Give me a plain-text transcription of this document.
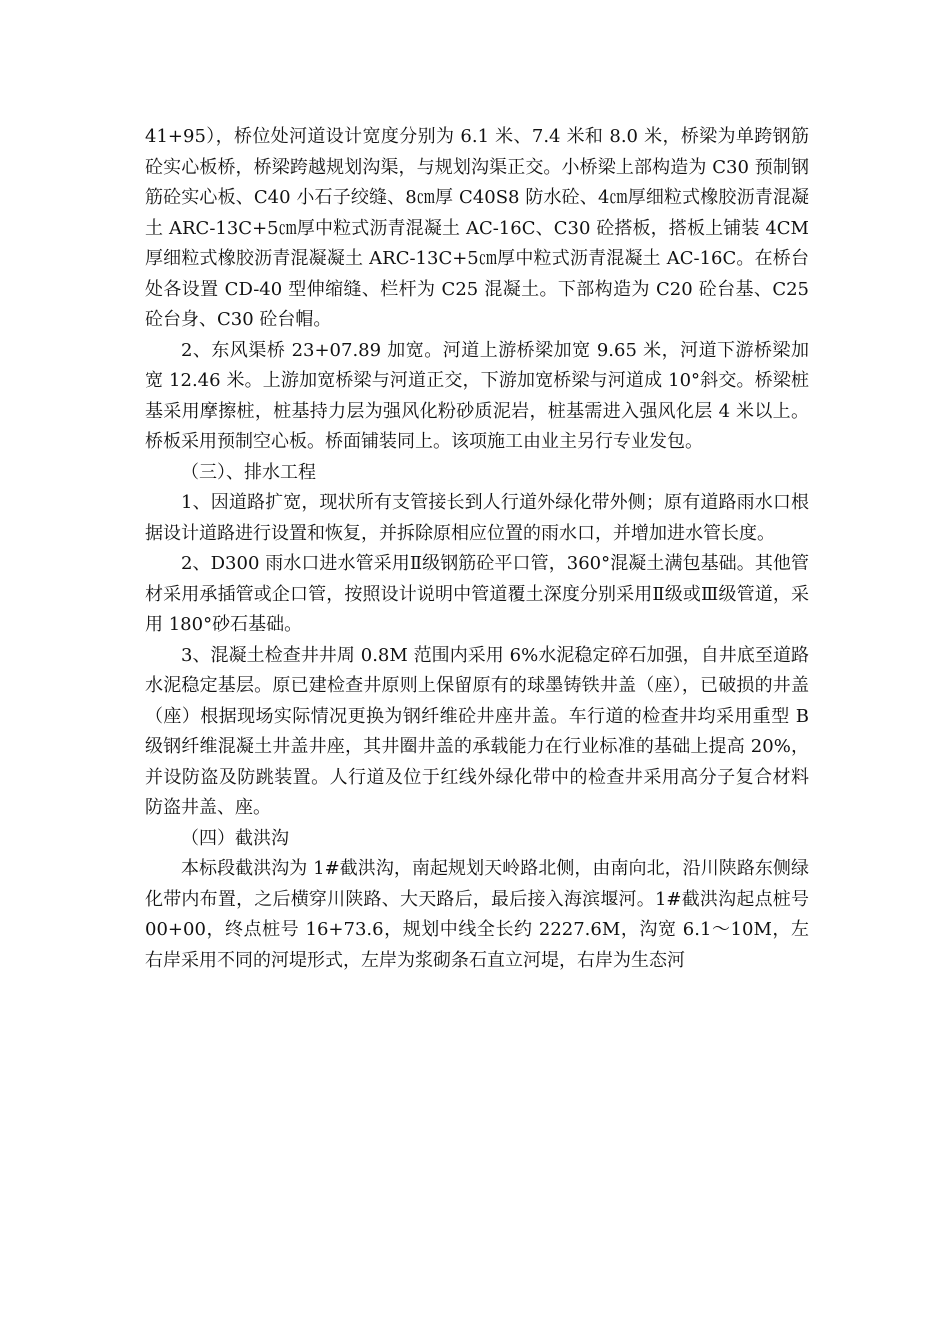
41+95），桥位处河道设计宽度分别为 6.1 米、7.4 米和 8.0 米，桥梁为单跨钢筋砼实心板桥，桥梁跨越规划沟渠，与规划沟渠正交。小桥梁上部构造为 C30 预制钢筋砼实心板、C40 小石子绞缝、8㎝厚 C40S8 防水砼、4㎝厚细粒式橡胶沥青混凝土 ARC-13C+5㎝厚中粒式沥青混凝土 AC-16C、C30 砼搭板，搭板上铺装 4CM 厚细粒式橡胶沥青混凝凝土 ARC-13C+5㎝厚中粒式沥青混凝土 AC-16C。在桥台处各设置 CD-40 型伸缩缝、栏杆为 C25 混凝土。下部构造为 C20 砼台基、C25 砼台身、C30 砼台帽。

2、东风渠桥 23+07.89 加宽。河道上游桥梁加宽 9.65 米，河道下游桥梁加宽 12.46 米。上游加宽桥梁与河道正交，下游加宽桥梁与河道成 10°斜交。桥梁桩基采用摩擦桩，桩基持力层为强风化粉砂质泥岩，桩基需进入强风化层 4 米以上。桥板采用预制空心板。桥面铺装同上。该项施工由业主另行专业发包。

（三）、排水工程

1、因道路扩宽，现状所有支管接长到人行道外绿化带外侧；原有道路雨水口根据设计道路进行设置和恢复，并拆除原相应位置的雨水口，并增加进水管长度。

2、D300 雨水口进水管采用Ⅱ级钢筋砼平口管，360°混凝土满包基础。其他管材采用承插管或企口管，按照设计说明中管道覆土深度分别采用Ⅱ级或Ⅲ级管道，采用 180°砂石基础。

3、混凝土检查井井周 0.8M 范围内采用 6%水泥稳定碎石加强，自井底至道路水泥稳定基层。原已建检查井原则上保留原有的球墨铸铁井盖（座），已破损的井盖（座）根据现场实际情况更换为钢纤维砼井座井盖。车行道的检查井均采用重型 B 级钢纤维混凝土井盖井座，其井圈井盖的承载能力在行业标准的基础上提高 20%，并设防盗及防跳装置。人行道及位于红线外绿化带中的检查井采用高分子复合材料防盗井盖、座。

（四）截洪沟

本标段截洪沟为 1#截洪沟，南起规划天岭路北侧，由南向北，沿川陕路东侧绿化带内布置，之后横穿川陕路、大天路后，最后接入海滨堰河。1#截洪沟起点桩号 00+00，终点桩号 16+73.6，规划中线全长约 2227.6M，沟宽 6.1～10M，左右岸采用不同的河堤形式，左岸为浆砌条石直立河堤，右岸为生态河
